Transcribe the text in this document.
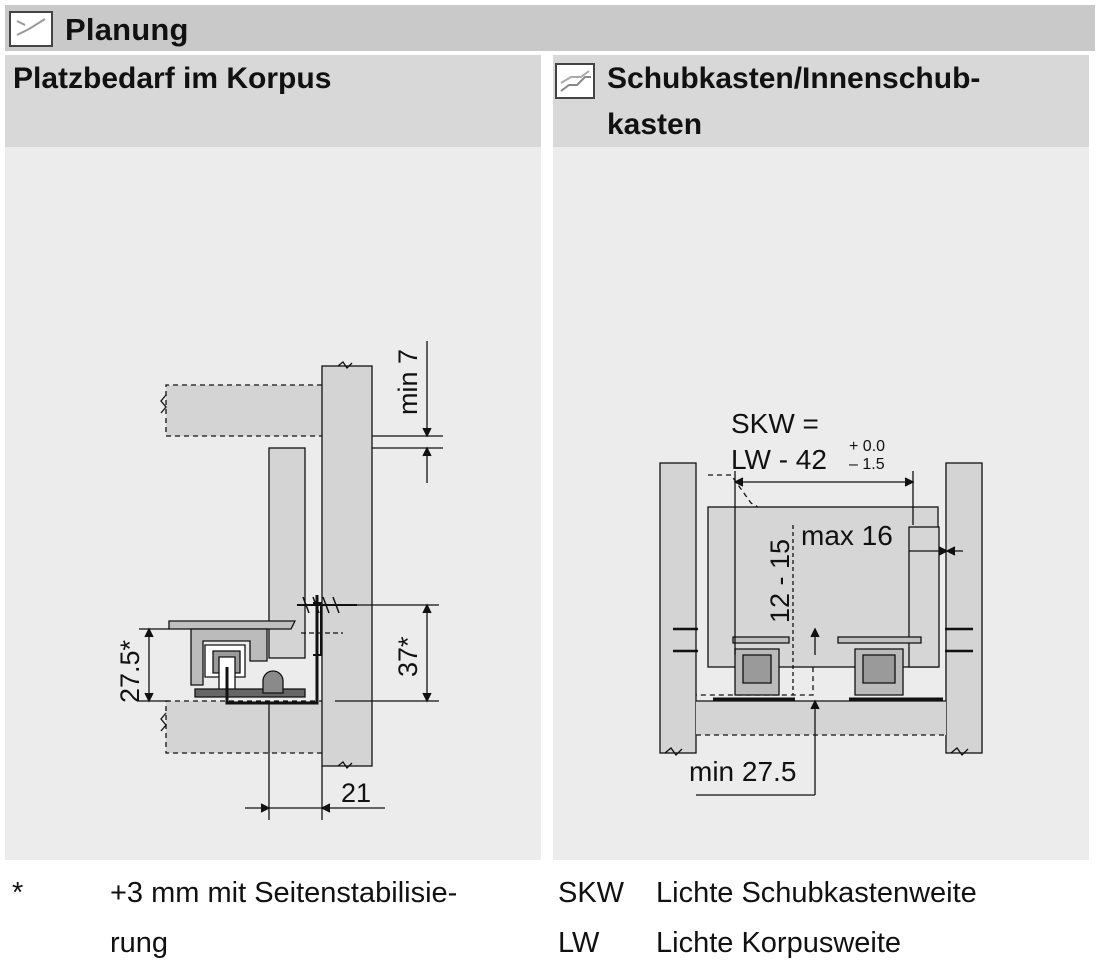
Planung
Platzbedarf im Korpus
min 7
37*
27.5*
21
Schubkasten/Innenschub-
kasten
SKW =
LW - 42 + 0.0
– 1.5
max 16
12 - 15
min 27.5
*	+3 mm mit Seitenstabilisie-
rung
SKW Lichte Schubkastenweite
LW Lichte Korpusweite
